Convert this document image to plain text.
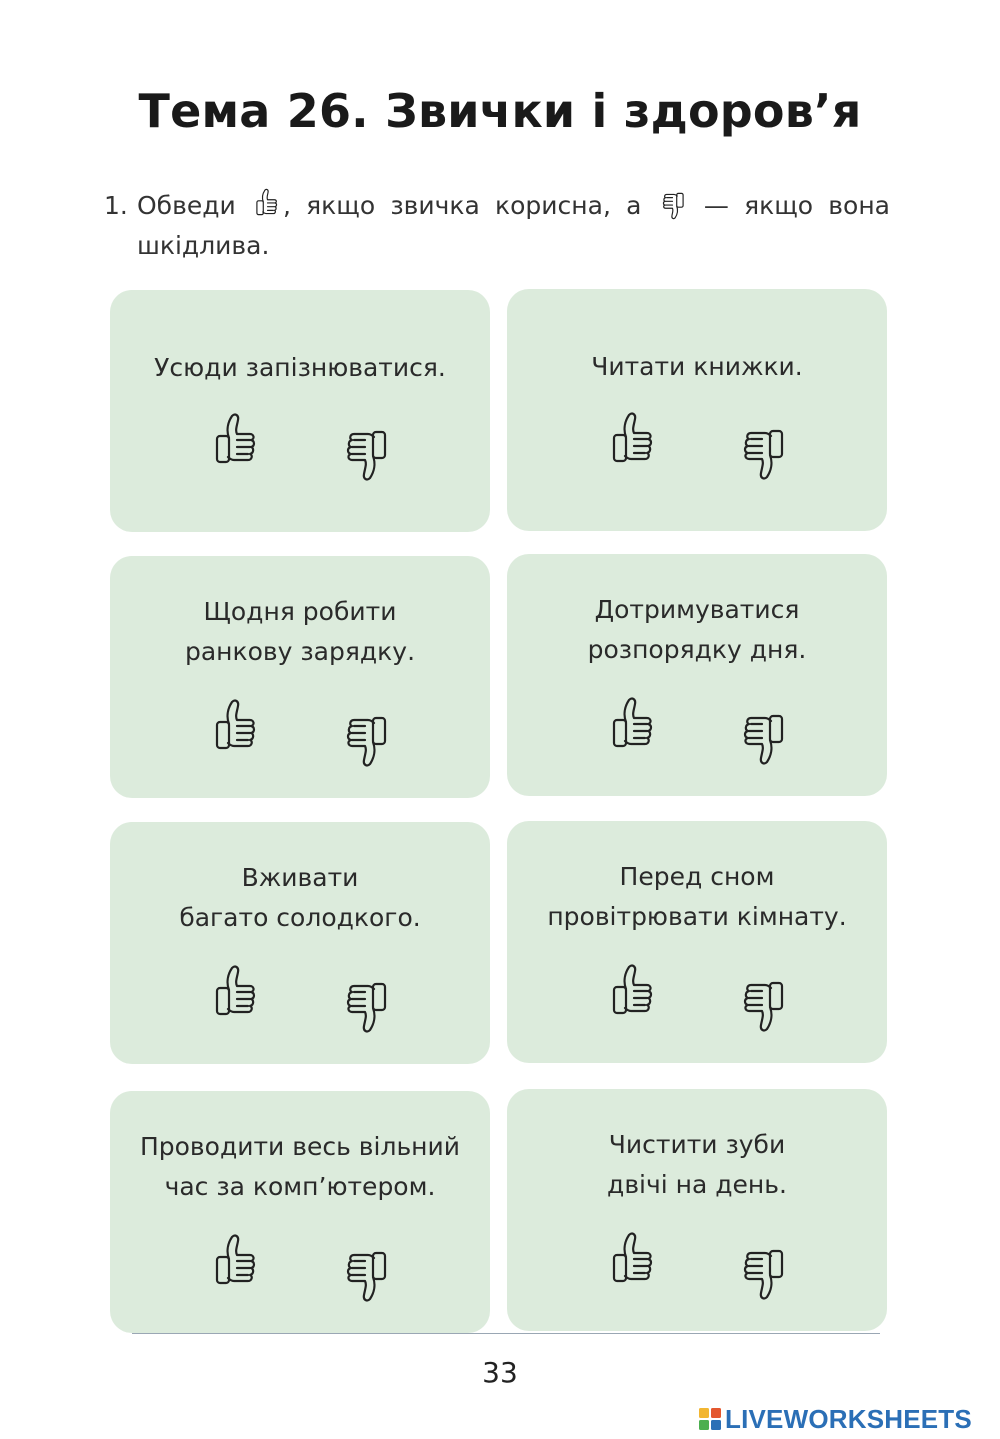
Тема 26. Звички і здоров’я
1. Обведи , якщо звичка корисна, а — якщо вона шкідлива.
Усюди запізнюватися.	Читати книжки.
Щодня робити
ранкову зарядку.
Дотримуватися
розпорядку дня.
Вживати
багато солодкого.
Перед сном
провітрювати кімнату.
Проводити весь вільний
час за комп’ютером.
Чистити зуби
двічі на день.
33
LIVEWORKSHEETS
